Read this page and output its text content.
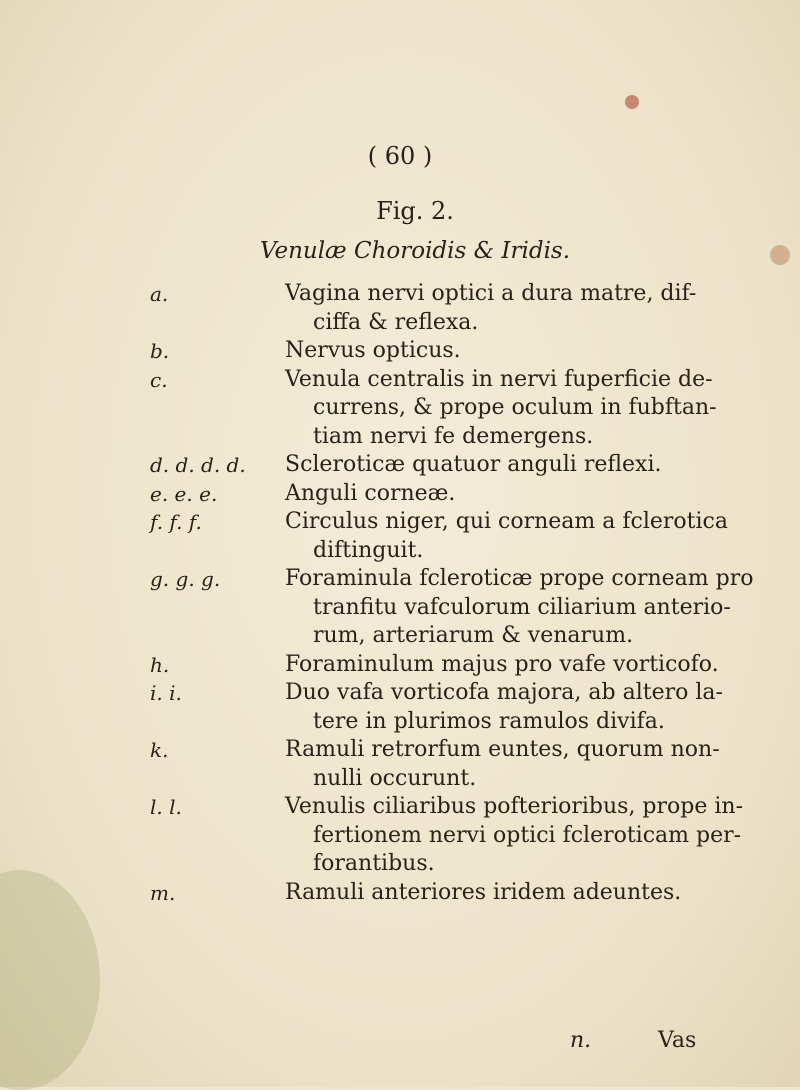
( 60 )
Fig. 2.
Venulæ Choroidis & Iridis.
a.	Vagina nervi optici a dura matre, dif-
ciffa & reflexa.
b.	Nervus opticus.
c.	Venula centralis in nervi fuperficie de-
currens, & prope oculum in fubftan-
tiam nervi fe demergens.
d. d. d. d. Scleroticæ quatuor anguli reflexi.
e. e. e.	Anguli corneæ.
f. f. f.	Circulus niger, qui corneam a fclerotica
diftinguit.
g. g. g.	Foraminula fcleroticæ prope corneam pro
tranfitu vafculorum ciliarium anterio-
rum, arteriarum & venarum.
h.	Foraminulum majus pro vafe vorticofo.
i. i.	Duo vafa vorticofa majora, ab altero la-
tere in plurimos ramulos divifa.
k.	Ramuli retrorfum euntes, quorum non-
nulli occurunt.
l. l.	Venulis ciliaribus pofterioribus, prope in-
fertionem nervi optici fcleroticam per-
forantibus.
m.	Ramuli anteriores iridem adeuntes.
n.	Vas
